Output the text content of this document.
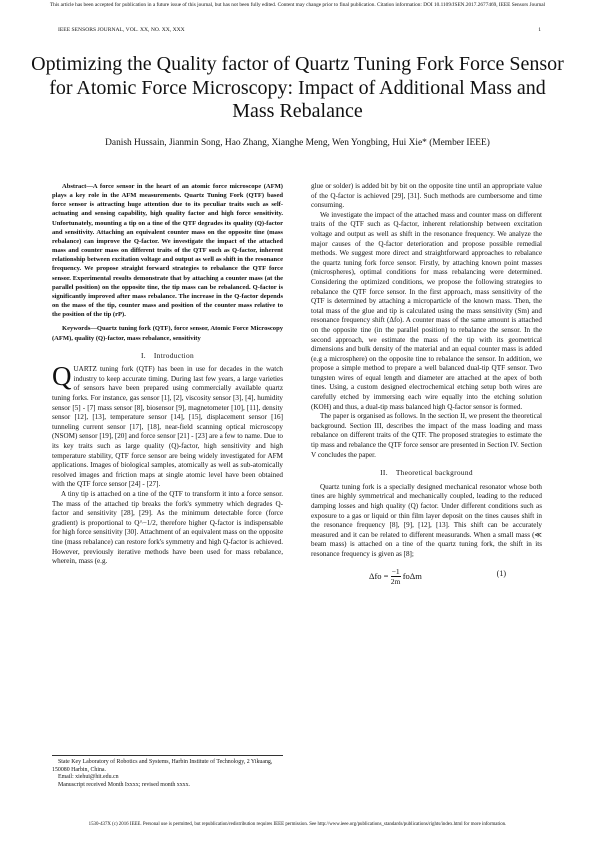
This article has been accepted for publication in a future issue of this journal, but has not been fully edited. Content may change prior to final publication. Citation information: DOI 10.1109/JSEN.2017.2677469, IEEE Sensors Journal
IEEE SENSORS JOURNAL, VOL. XX, NO. XX, XXX	1
Optimizing the Quality factor of Quartz Tuning Fork Force Sensor for Atomic Force Microscopy: Impact of Additional Mass and Mass Rebalance
Danish Hussain, Jianmin Song, Hao Zhang, Xianghe Meng, Wen Yongbing, Hui Xie* (Member IEEE)

Abstract—A force sensor in the heart of an atomic force microscope (AFM) plays a key role in the AFM measurements. Quartz Tuning Fork (QTF) based force sensor is attracting huge attention due to its peculiar traits such as self-actuating and sensing capability, high quality factor and high force sensitivity. Unfortunately, mounting a tip on a tine of the QTF degrades its quality (Q)-factor and sensitivity. Attaching an equivalent counter mass on the opposite tine (mass rebalance) can improve the Q-factor. We investigate the impact of the attached mass and counter mass on different traits of the QTF such as Q-factor, inherent relationship between excitation voltage and output as well as shift in the resonance frequency. We propose straight forward strategies to rebalance the QTF force sensor. Experimental results demonstrate that by attaching a counter mass (at the parallel position) on the opposite tine, the tip mass can be rebalanced. Q-factor is significantly improved after mass rebalance. The increase in the Q-factor depends on the mass of the tip, counter mass and position of the counter mass relative to the position of the tip (rP).

Keywords—Quartz tuning fork (QTF), force sensor, Atomic Force Microscopy (AFM), quality (Q)-factor, mass rebalance, sensitivity

I. Introduction

QUARTZ tuning fork (QTF) has been in use for decades in the watch industry to keep accurate timing. During last few years, a large varieties of sensors have been prepared using commercially available quartz tuning forks. For instance, gas sensor [1], [2], viscosity sensor [3], [4], humidity sensor [5] - [7] mass sensor [8], biosensor [9], magnetometer [10], [11], density sensor [12], [13], temperature sensor [14], [15], displacement sensor [16] tunneling current sensor [17], [18], near-field scanning optical microscopy (NSOM) sensor [19], [20] and force sensor [21] - [23] are a few to name. Due to its key traits such as large quality (Q)-factor, high sensitivity and high temperature stability, QTF force sensor are being widely investigated for AFM applications. Images of biological samples, atomically as well as sub-atomically resolved images and friction maps at single atomic level have been obtained with the QTF force sensor [24] - [27].

A tiny tip is attached on a tine of the QTF to transform it into a force sensor. The mass of the attached tip breaks the fork's symmetry which degrades Q-factor and sensitivity [28], [29]. As the minimum detectable force (force gradient) is proportional to Q^−1/2, therefore higher Q-factor is indispensable for high force sensitivity [30]. Attachment of an equivalent mass on the opposite tine (mass rebalance) can restore fork's symmetry and high Q-factor is achieved. However, previously iterative methods have been used for mass rebalance, wherein, mass (e.g.

State Key Laboratory of Robotics and Systems, Harbin Institute of Technology, 2 Yikuang, 150080 Harbin, China.
Email: xiehui@hit.edu.cn
Manuscript received Month Ixxxx; revised month xxxx.

glue or solder) is added bit by bit on the opposite tine until an appropriate value of the Q-factor is achieved [29], [31]. Such methods are cumbersome and time consuming.

We investigate the impact of the attached mass and counter mass on different traits of the QTF such as Q-factor, inherent relationship between excitation voltage and output as well as shift in the resonance frequency. We analyze the major causes of the Q-factor deterioration and propose possible remedial methods. We suggest more direct and straightforward approaches to rebalance the quartz tuning fork force sensor. Firstly, by attaching known point masses (microspheres), optimal conditions for mass rebalancing were determined. Considering the optimized conditions, we propose the following strategies to rebalance the QTF force sensor. In the first approach, mass sensitivity of the QTF is determined by attaching a microparticle of the known mass. Then, the total mass of the glue and tip is calculated using the mass sensitivity (Sm) and resonance frequency shift (Δfo). A counter mass of the same amount is attached on the opposite tine (in the parallel position) to rebalance the sensor. In the second approach, we estimate the mass of the tip with its geometrical dimensions and bulk density of the material and an equal counter mass is added (e.g a microsphere) on the opposite tine to rebalance the sensor. In addition, we propose a simple method to prepare a well balanced dual-tip QTF sensor. Two tungsten wires of equal length and diameter are attached at the apex of both tines. Using, a custom designed electrochemical etching setup both wires are carefully etched by immersing each wire equally into the etching solution (KOH) and thus, a dual-tip mass balanced high Q-factor sensor is formed.

The paper is organised as follows. In the section II, we present the theoretical background. Section III, describes the impact of the mass loading and mass rebalance on different traits of the QTF. The proposed strategies to estimate the tip mass and rebalance the QTF force sensor are presented in Section IV. Section V concludes the paper.

II. Theoretical background

Quartz tuning fork is a specially designed mechanical resonator whose both tines are highly symmetrical and mechanically coupled, leading to the reduced damping losses and high quality (Q) factor. Under different conditions such as exposure to a gas or liquid or thin film layer deposit on the tines causes shift in the resonance frequency [8], [9], [12], [13]. This shift can be accurately measured and it can be related to different measurands. When a small mass (≪ beam mass) is attached on a tine of the quartz tuning fork, the shift in its resonance frequency is given as [8];

$\Delta fo = \frac{-1}{2m}$ foΔm	(1)
1530-437X (c) 2016 IEEE. Personal use is permitted, but republication/redistribution requires IEEE permission. See http://www.ieee.org/publications_standards/publications/rights/index.html for more information.
